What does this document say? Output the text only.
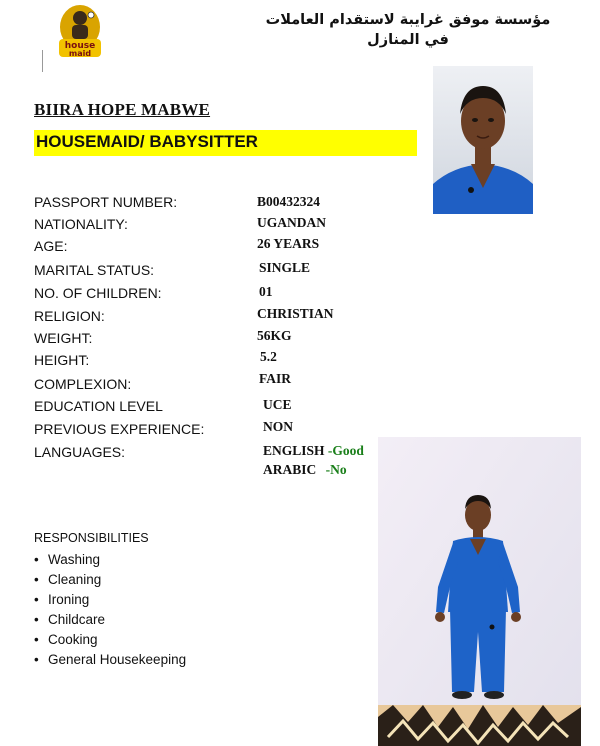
house
maid
مؤسسة موفق غرايبة لاستقدام العاملات في المنازل
BIIRA HOPE MABWE
HOUSEMAID/ BABYSITTER
PASSPORT NUMBER:	B00432324
NATIONALITY:	UGANDAN
AGE:	26 YEARS
MARITAL STATUS:	SINGLE
NO. OF CHILDREN:	01
RELIGION:	CHRISTIAN
WEIGHT:	56KG
HEIGHT:	5.2
COMPLEXION:	FAIR
EDUCATION LEVEL	UCE
PREVIOUS EXPERIENCE:	NON
LANGUAGES:	ENGLISH -Good
ARABIC -No
RESPONSIBILITIES
• Washing
• Cleaning
• Ironing
• Childcare
• Cooking
• General Housekeeping
